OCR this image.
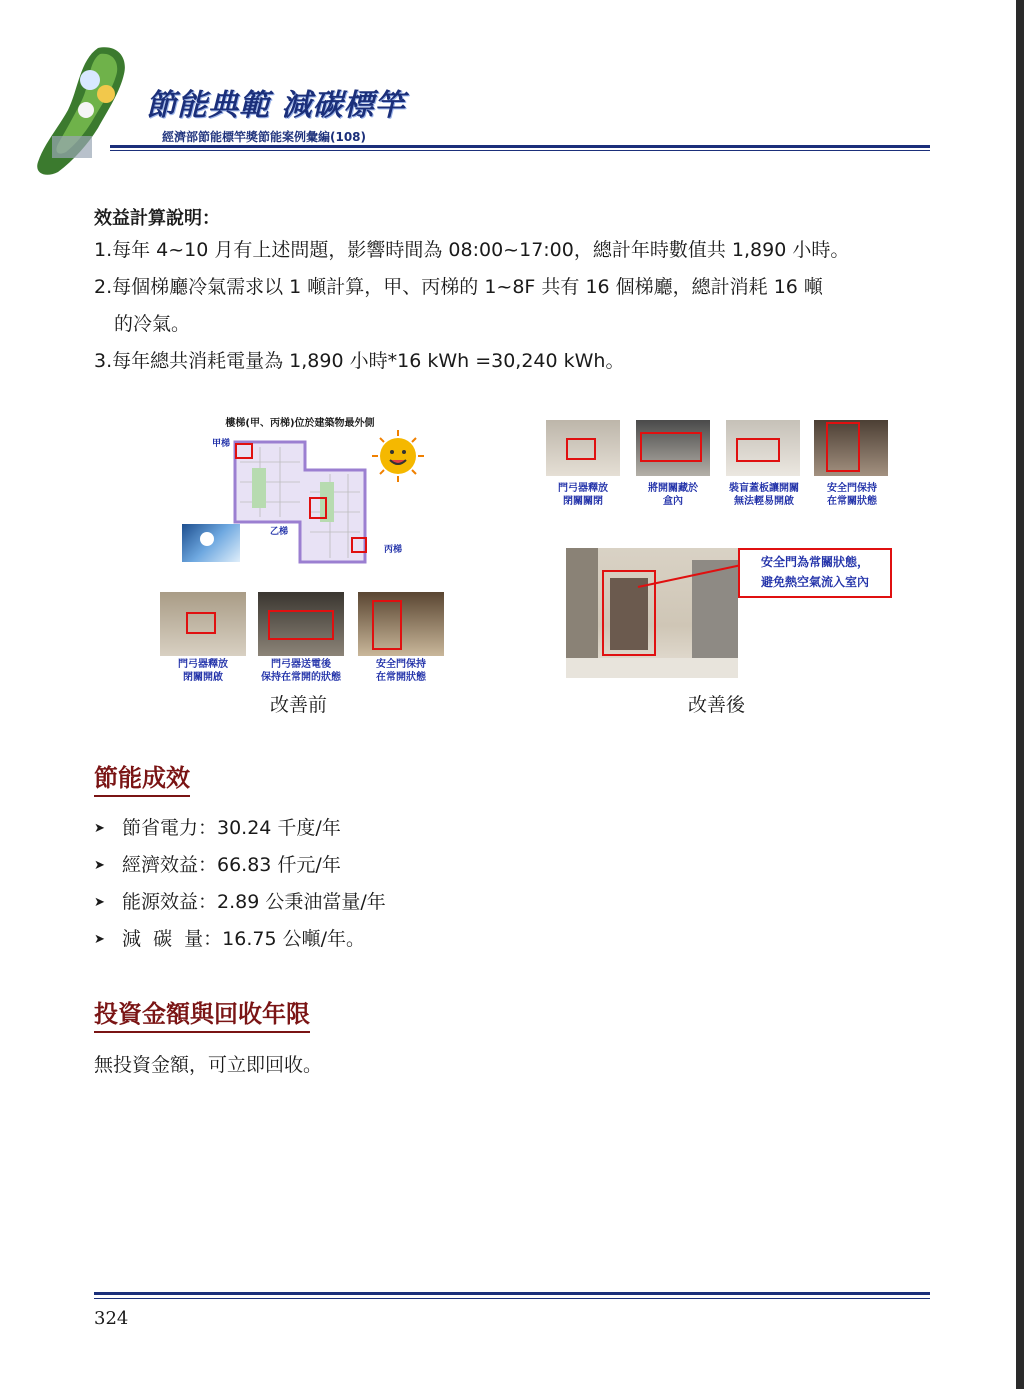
節能典範 減碳標竿
經濟部節能標竿獎節能案例彙編(108)
效益計算說明：

1.每年 4~10 月有上述問題，影響時間為 08:00~17:00，總計年時數值共 1,890 小時。

2.每個梯廳冷氣需求以 1 噸計算，甲、丙梯的 1~8F 共有 16 個梯廳，總計消耗 16 噸

的冷氣。

3.每年總共消耗電量為 1,890 小時*16 kWh =30,240 kWh。

樓梯(甲、丙梯)位於建築物最外側
甲梯
乙梯
丙梯
門弓器釋放
閉關開啟
門弓器送電後
保持在常開的狀態
安全門保持
在常開狀態
改善前
門弓器釋放
閉關關閉
將開關藏於
盒內
裝盲蓋板讓開關
無法輕易開啟
安全門保持
在常關狀態
安全門為常關狀態，
避免熱空氣流入室內
改善後
節能成效
➤ 節省電力：30.24 千度/年
➤ 經濟效益：66.83 仟元/年
➤ 能源效益：2.89 公秉油當量/年
➤ 減  碳  量：16.75 公噸/年。
投資金額與回收年限
無投資金額，可立即回收。
324
